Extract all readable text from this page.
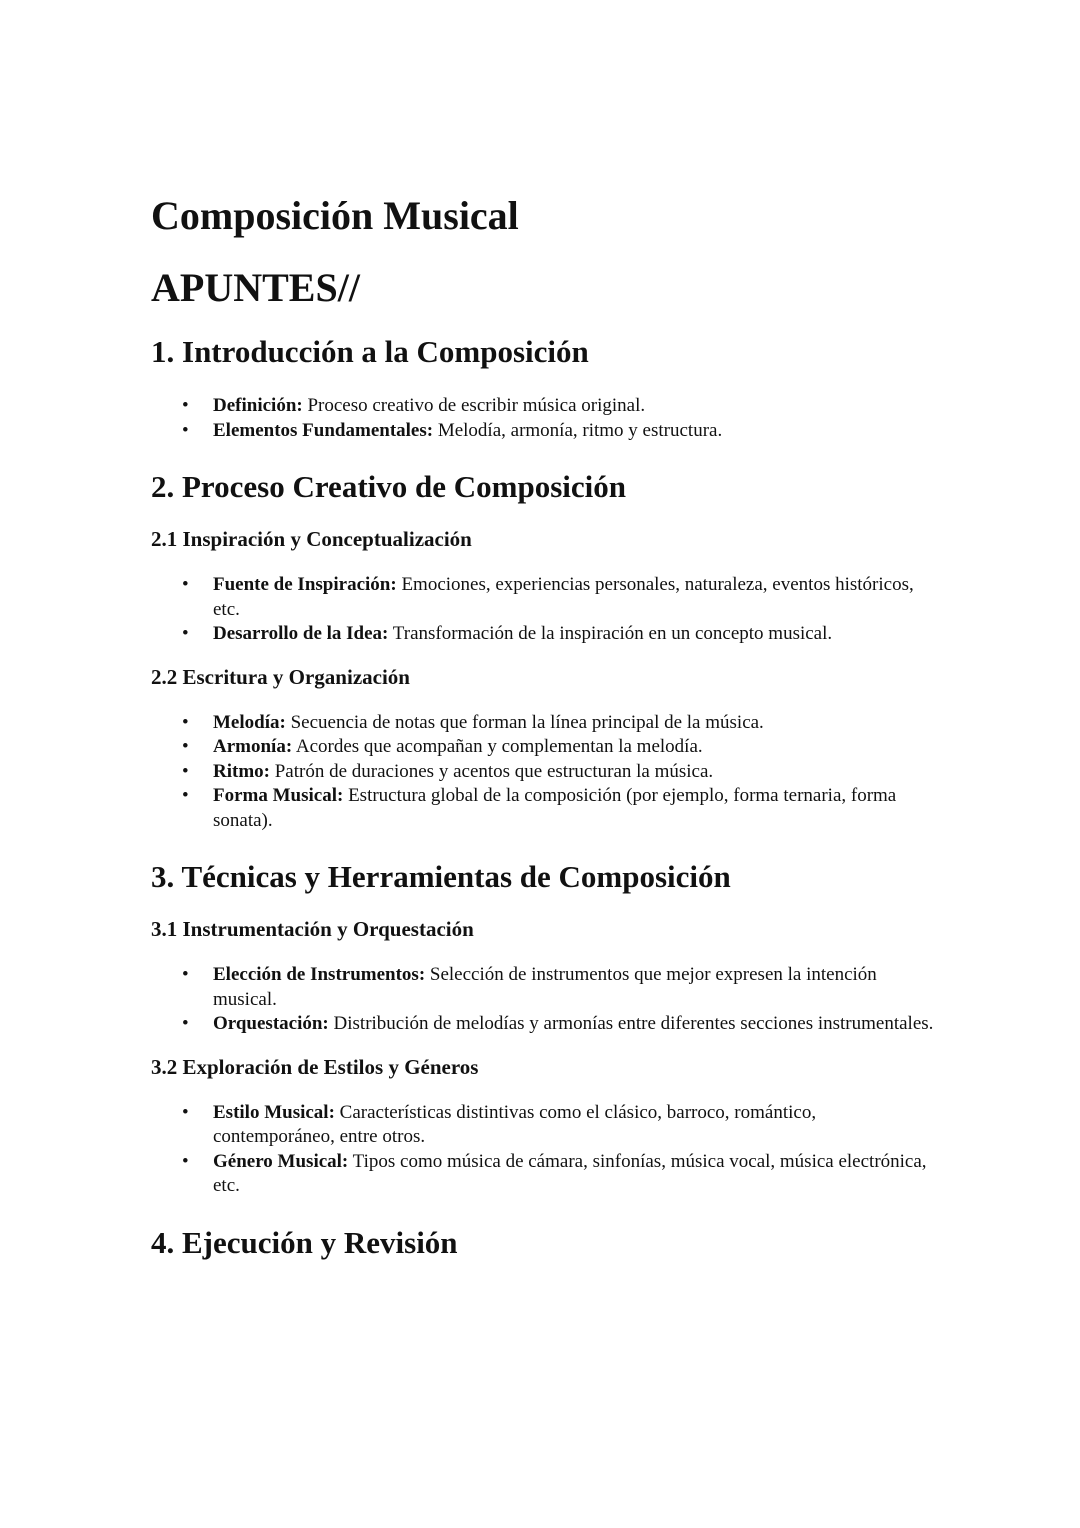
Composición Musical
APUNTES//
1. Introducción a la Composición
• Definición: Proceso creativo de escribir música original.
• Elementos Fundamentales: Melodía, armonía, ritmo y estructura.
2. Proceso Creativo de Composición
2.1 Inspiración y Conceptualización
• Fuente de Inspiración: Emociones, experiencias personales, naturaleza, eventos históricos, etc.
• Desarrollo de la Idea: Transformación de la inspiración en un concepto musical.
2.2 Escritura y Organización
• Melodía: Secuencia de notas que forman la línea principal de la música.
• Armonía: Acordes que acompañan y complementan la melodía.
• Ritmo: Patrón de duraciones y acentos que estructuran la música.
• Forma Musical: Estructura global de la composición (por ejemplo, forma ternaria, forma sonata).
3. Técnicas y Herramientas de Composición
3.1 Instrumentación y Orquestación
• Elección de Instrumentos: Selección de instrumentos que mejor expresen la intención musical.
• Orquestación: Distribución de melodías y armonías entre diferentes secciones instrumentales.
3.2 Exploración de Estilos y Géneros
• Estilo Musical: Características distintivas como el clásico, barroco, romántico, contemporáneo, entre otros.
• Género Musical: Tipos como música de cámara, sinfonías, música vocal, música electrónica, etc.
4. Ejecución y Revisión
